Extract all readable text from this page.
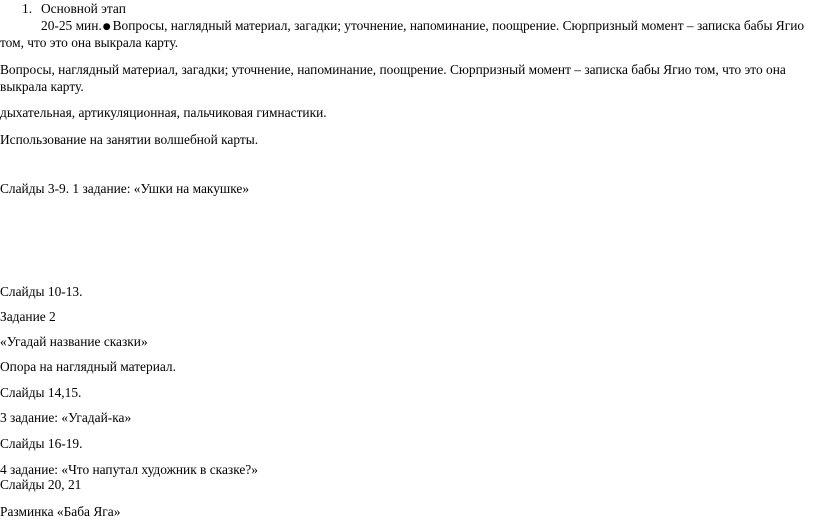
1. Основной этап
20-25 мин.● Вопросы, наглядный материал, загадки; уточнение, напоминание, поощрение. Сюрпризный момент – записка бабы Ягио
том, что это она выкрала карту.
Вопросы, наглядный материал, загадки; уточнение, напоминание, поощрение. Сюрпризный момент – записка бабы Ягио том, что это она
выкрала карту.
дыхательная, артикуляционная, пальчиковая гимнастики.
Использование на занятии волшебной карты.
Слайды 3-9. 1 задание: «Ушки на макушке»
Слайды 10-13.
Задание 2
«Угадай название сказки»
Опора на наглядный материал.
Слайды 14,15.
3 задание: «Угадай-ка»
Слайды 16-19.
4 задание: «Что напутал художник в сказке?»
Слайды 20, 21
Разминка «Баба Яга»
